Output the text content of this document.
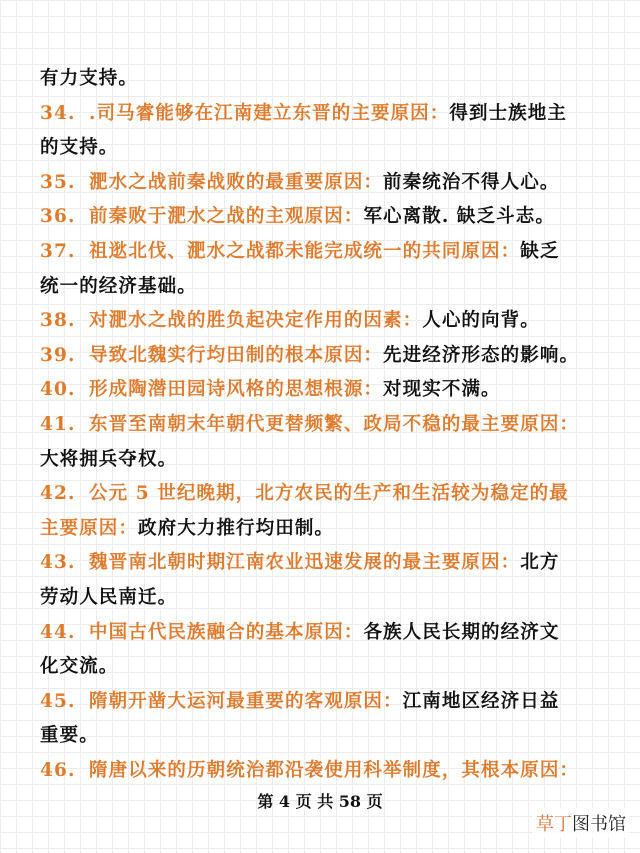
有力支持。
34. .司马睿能够在江南建立东晋的主要原因：得到士族地主
的支持。
35. 淝水之战前秦战败的最重要原因：前秦统治不得人心。
36. 前秦败于淝水之战的主观原因：军心离散. 缺乏斗志。
37. 祖逖北伐、淝水之战都未能完成统一的共同原因：缺乏
统一的经济基础。
38. 对淝水之战的胜负起决定作用的因素：人心的向背。
39. 导致北魏实行均田制的根本原因：先进经济形态的影响。
40. 形成陶潜田园诗风格的思想根源：对现实不满。
41. 东晋至南朝末年朝代更替频繁、政局不稳的最主要原因：
大将拥兵夺权。
42. 公元 5 世纪晚期，北方农民的生产和生活较为稳定的最
主要原因：政府大力推行均田制。
43. 魏晋南北朝时期江南农业迅速发展的最主要原因：北方
劳动人民南迁。
44. 中国古代民族融合的基本原因：各族人民长期的经济文
化交流。
45. 隋朝开凿大运河最重要的客观原因：江南地区经济日益
重要。
46. 隋唐以来的历朝统治都沿袭使用科举制度，其根本原因：
第 4 页 共 58 页
草丁图书馆
